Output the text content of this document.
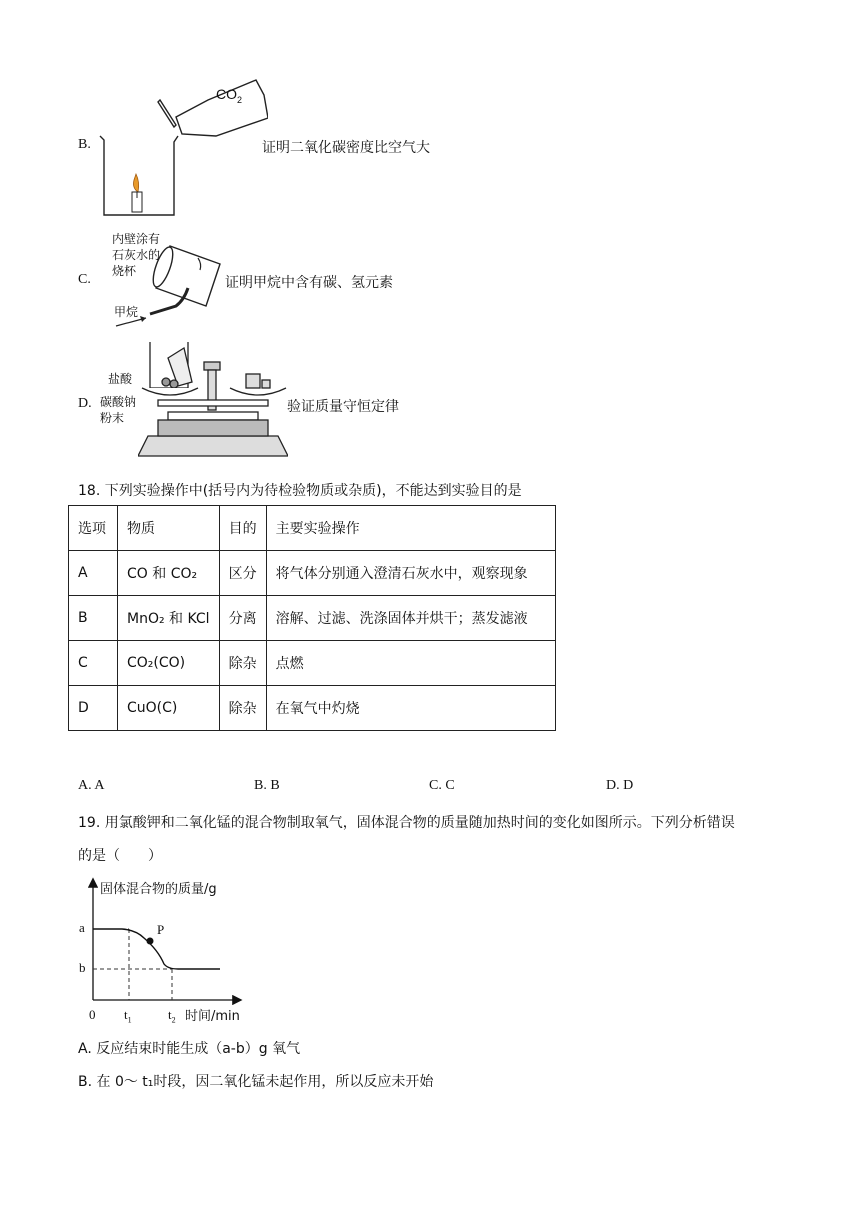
B.
$CO_2$
证明二氧化碳密度比空气大
C.
内壁涂有
石灰水的
烧杯
甲烷
证明甲烷中含有碳、氢元素
D.
盐酸
碳酸钠
粉末
验证质量守恒定律
18. 下列实验操作中(括号内为待检验物质或杂质)，不能达到实验目的是
选项	物质	目的	主要实验操作
A	CO 和 CO₂	区分	将气体分别通入澄清石灰水中，观察现象
B	MnO₂ 和 KCl	分离	溶解、过滤、洗涤固体并烘干；蒸发滤液
C	CO₂(CO)	除杂	点燃
D	CuO(C)	除杂	在氧气中灼烧
A. A	B. B	C. C	D. D
19. 用氯酸钾和二氧化锰的混合物制取氧气，固体混合物的质量随加热时间的变化如图所示。下列分析错误
的是（　　）
固体混合物的质量/g
a
b
P
0 $t_1$	$t_2$ 时间/min
A. 反应结束时能生成（a-b）g 氧气
B. 在 0～ t₁时段，因二氧化锰未起作用，所以反应未开始
